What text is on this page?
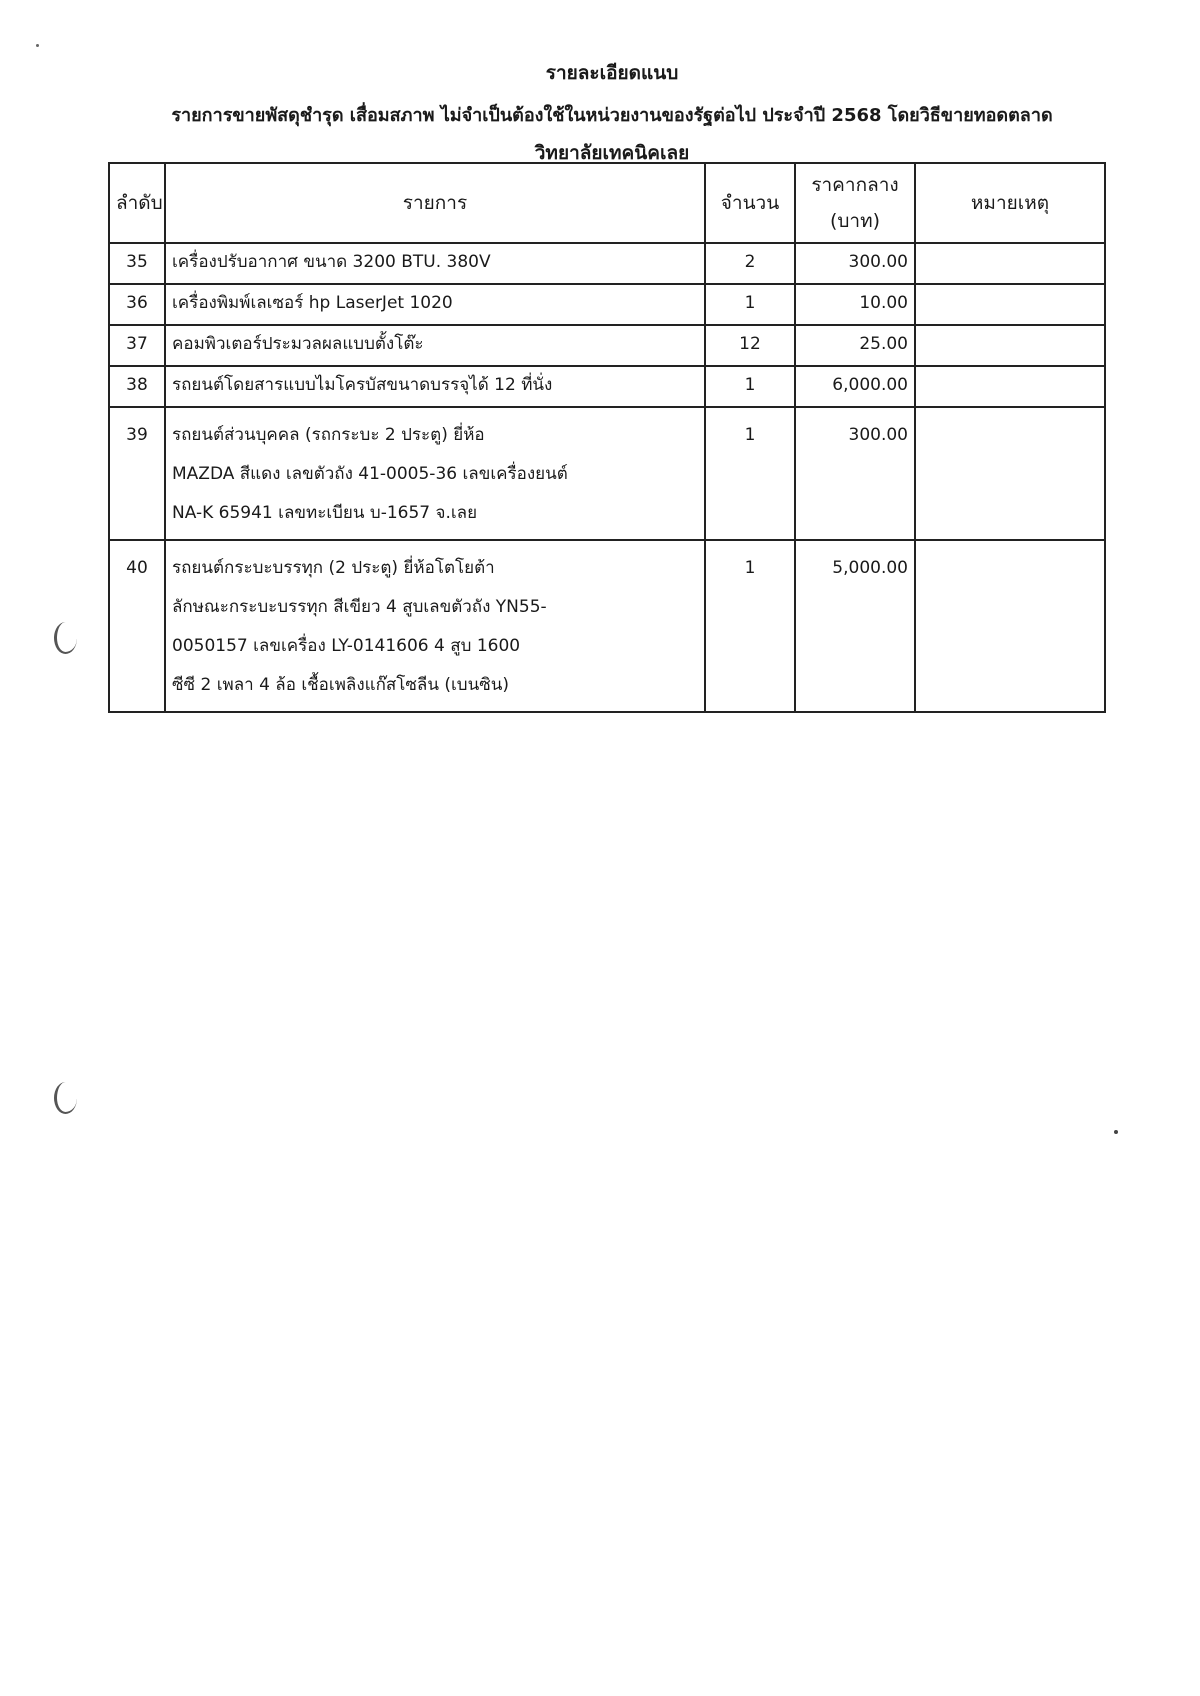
รายละเอียดแนบ
รายการขายพัสดุชำรุด เสื่อมสภาพ ไม่จำเป็นต้องใช้ในหน่วยงานของรัฐต่อไป ประจำปี 2568 โดยวิธีขายทอดตลาด
วิทยาลัยเทคนิคเลย
ลำดับ	รายการ	จำนวน	ราคากลาง
(บาท)	หมายเหตุ
35	เครื่องปรับอากาศ ขนาด 3200 BTU. 380V	2	300.00	
36	เครื่องพิมพ์เลเซอร์ hp LaserJet 1020	1	10.00	
37	คอมพิวเตอร์ประมวลผลแบบตั้งโต๊ะ	12	25.00	
38	รถยนต์โดยสารแบบไมโครบัสขนาดบรรจุได้ 12 ที่นั่ง	1	6,000.00	
39	รถยนต์ส่วนบุคคล (รถกระบะ 2 ประตู) ยี่ห้อ
MAZDA สีแดง เลขตัวถัง 41-0005-36 เลขเครื่องยนต์
NA-K 65941 เลขทะเบียน บ-1657 จ.เลย	1	300.00	
40	รถยนต์กระบะบรรทุก (2 ประตู) ยี่ห้อโตโยต้า
ลักษณะกระบะบรรทุก สีเขียว 4 สูบเลขตัวถัง YN55-
0050157 เลขเครื่อง LY-0141606 4 สูบ 1600
ซีซี 2 เพลา 4 ล้อ เชื้อเพลิงแก๊สโซลีน (เบนซิน)	1	5,000.00	
